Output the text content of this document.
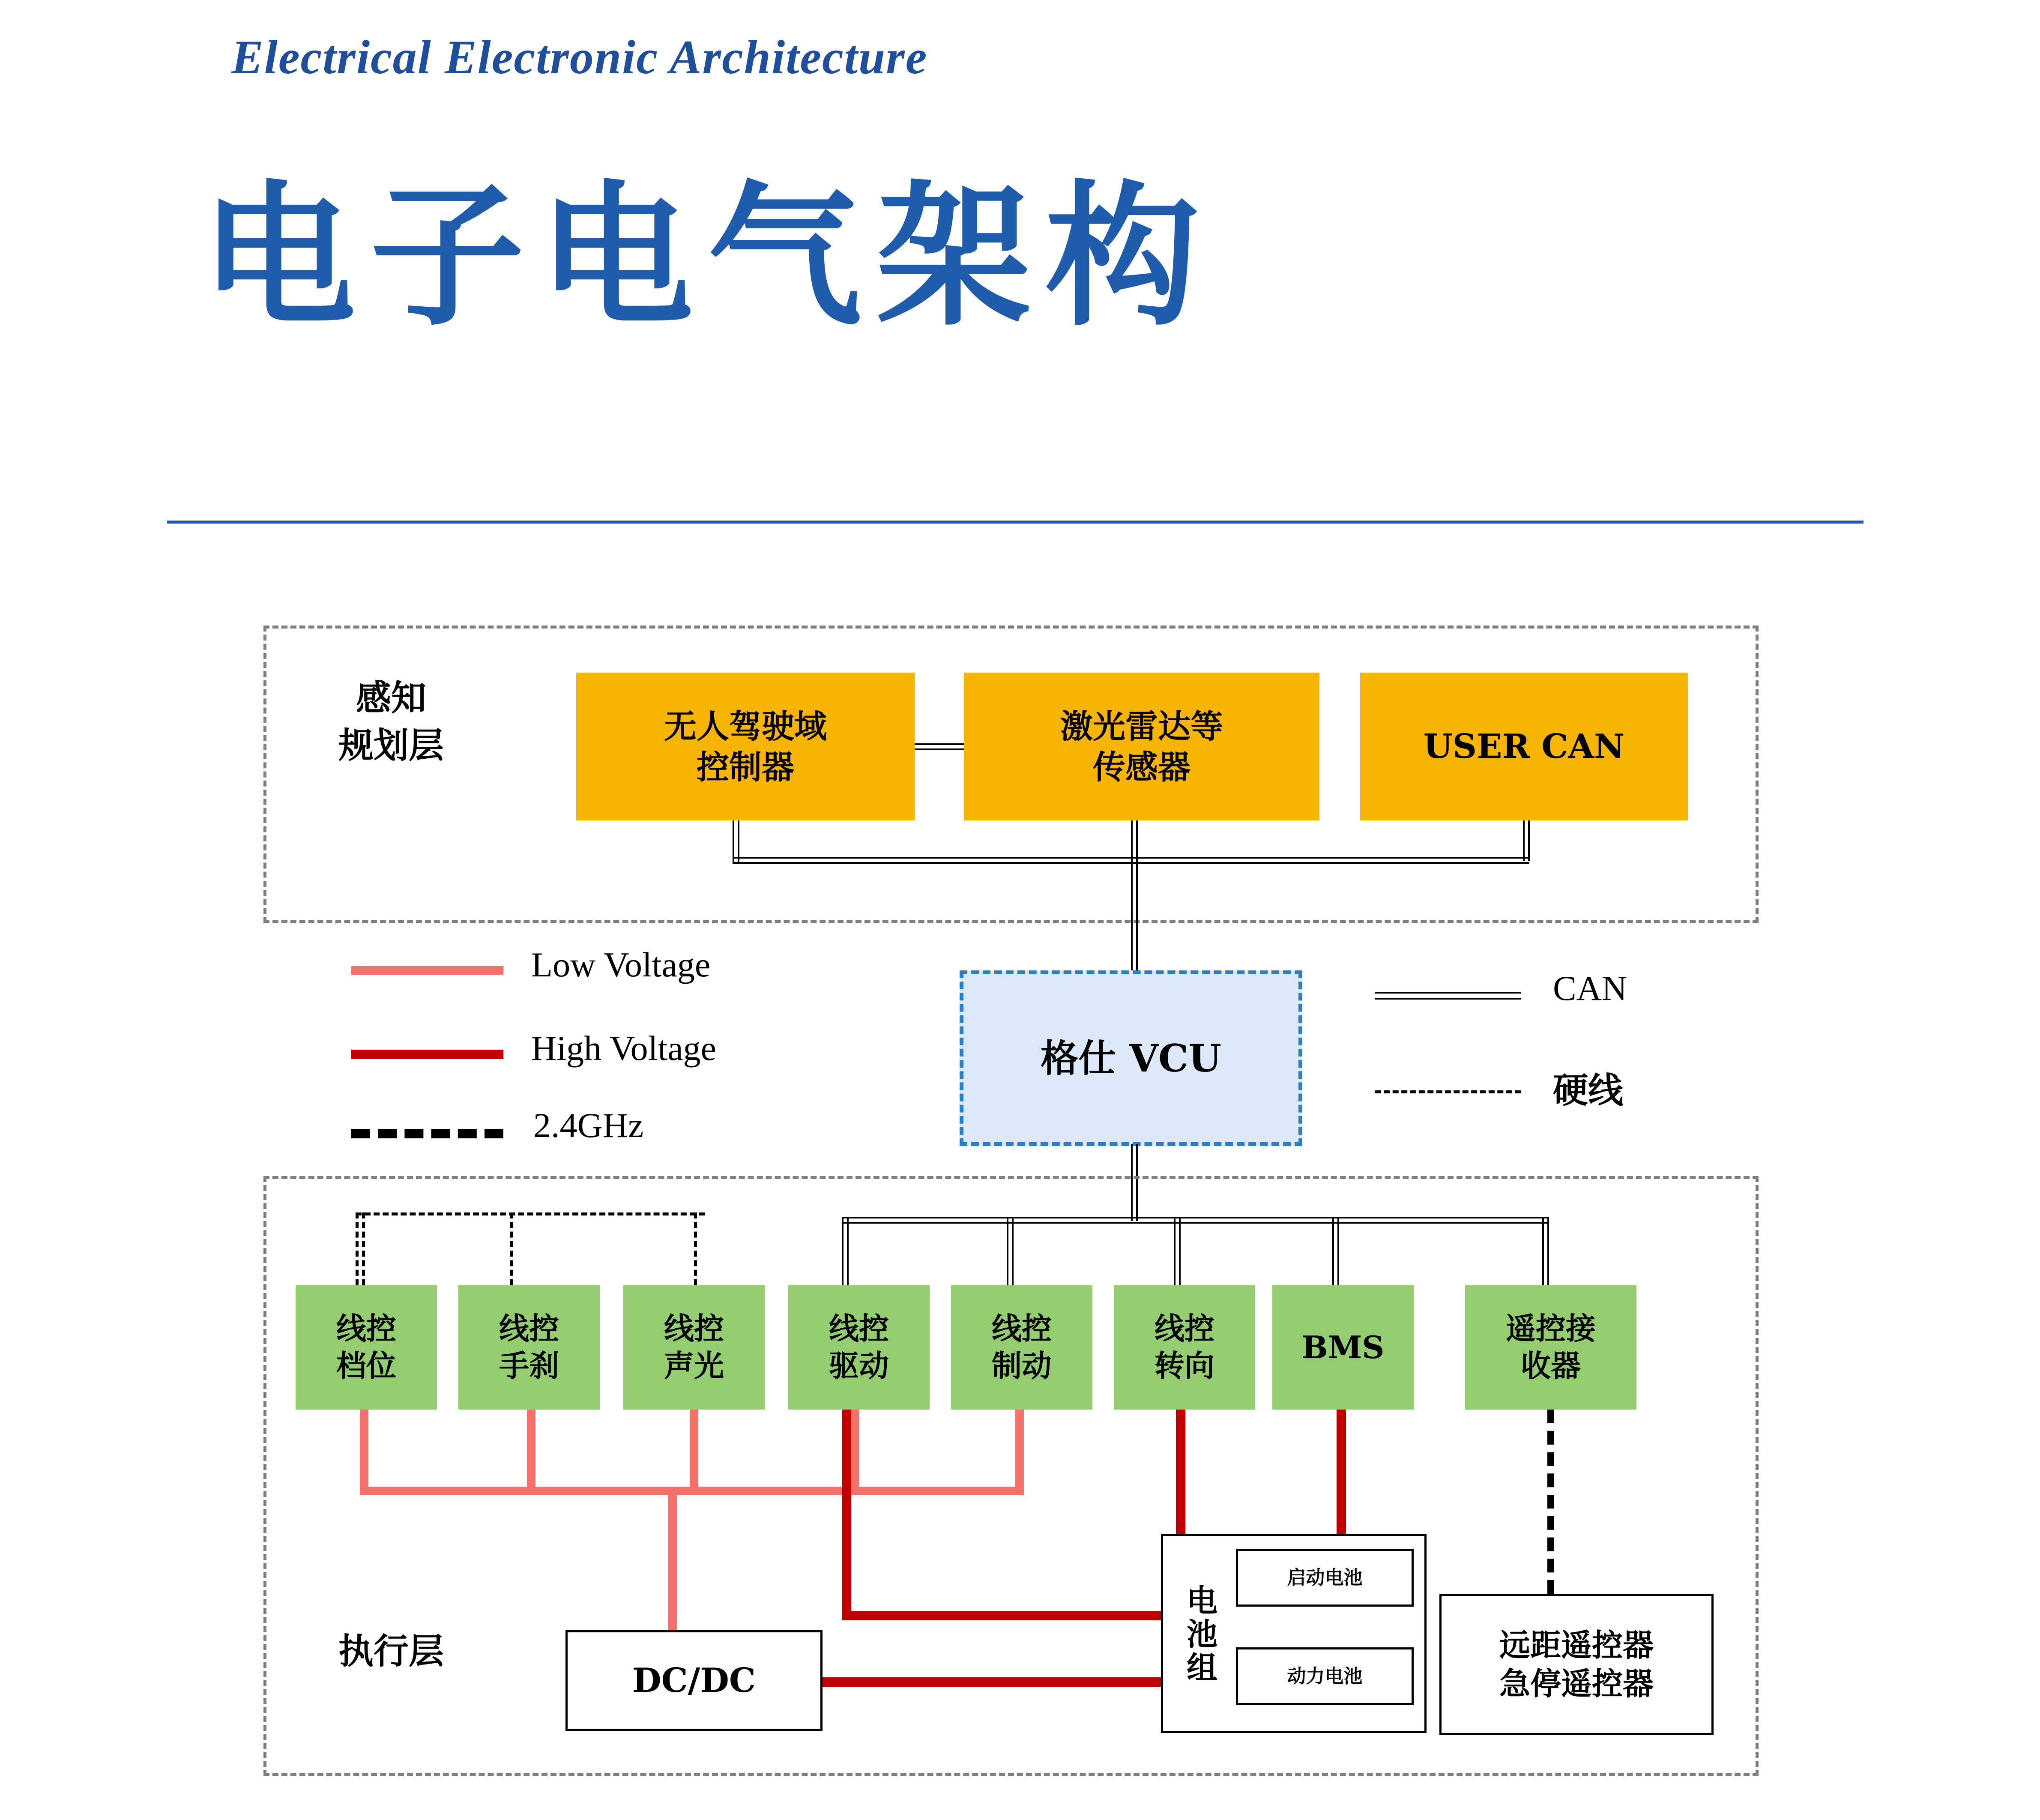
Electrical Electronic Architecture
电子电气架构
感知
规划层	无人驾驶域
控制器
激光雷达等
传感器
USER CAN
格仕 VCU
Low Voltage
High Voltage
2.4GHz
CAN
硬线
执行层
线控
档位
线控
手刹
线控
声光
线控
驱动
线控
制动
线控
转向
BMS
遥控接
收器
DC/DC	电池组
启动电池
动力电池
远距遥控器
急停遥控器
